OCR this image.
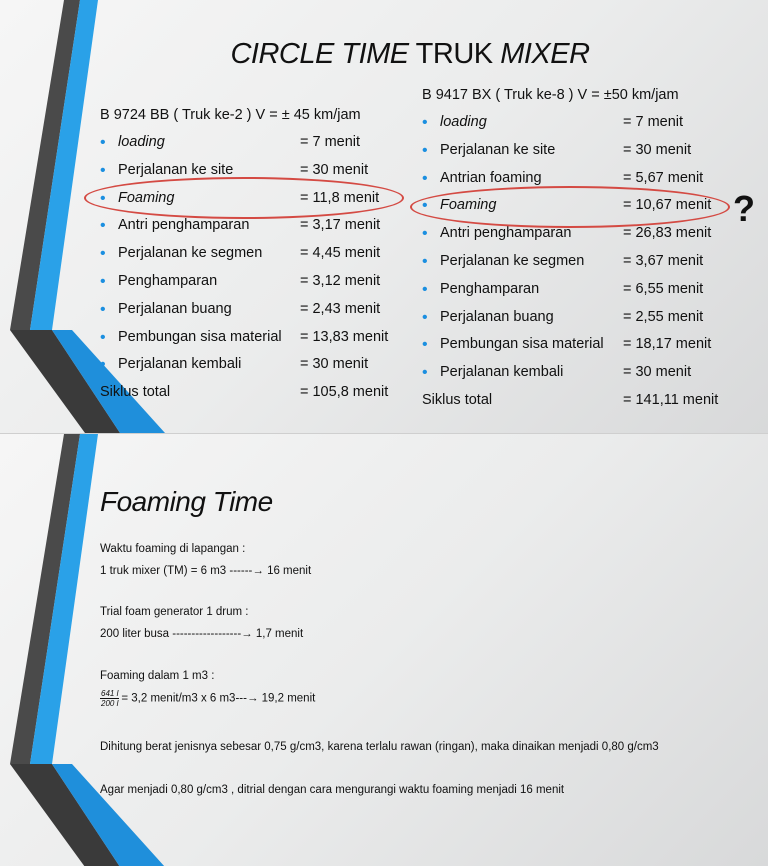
CIRCLE TIME TRUK MIXER
B 9724 BB ( Truk ke-2 ) V = ± 45 km/jam
• loading	= 7 menit
• Perjalanan ke site	= 30 menit
• Foaming	= 11,8 menit
• Antri penghamparan	= 3,17 menit
• Perjalanan ke segmen	= 4,45 menit
• Penghamparan	= 3,12 menit
• Perjalanan buang	= 2,43 menit
• Pembungan sisa material = 13,83 menit
• Perjalanan kembali	= 30 menit
Siklus total	= 105,8 menit
B 9417 BX ( Truk ke-8 ) V = ±50 km/jam
• loading	= 7 menit
• Perjalanan ke site	= 30 menit
• Antrian foaming	= 5,67 menit
• Foaming	= 10,67 menit
• Antri penghamparan	= 26,83 menit
• Perjalanan ke segmen	= 3,67 menit
• Penghamparan	= 6,55 menit
• Perjalanan buang	= 2,55 menit
• Pembungan sisa material = 18,17 menit
• Perjalanan kembali	= 30 menit
Siklus total	= 141,11 menit
?
Foaming Time
Waktu foaming di lapangan :
1 truk mixer (TM) = 6 m3 ------→ 16 menit
Trial foam generator 1 drum :
200 liter busa ------------------→ 1,7 menit
Foaming dalam 1 m3 :
$\frac{641 l}{200 l} = 3,2$ menit/m3 x 6 m3---→ 19,2 menit
Dihitung berat jenisnya sebesar 0,75 g/cm3, karena terlalu rawan (ringan), maka dinaikan menjadi 0,80 g/cm3
Agar menjadi 0,80 g/cm3 , ditrial dengan cara mengurangi waktu foaming menjadi 16 menit
